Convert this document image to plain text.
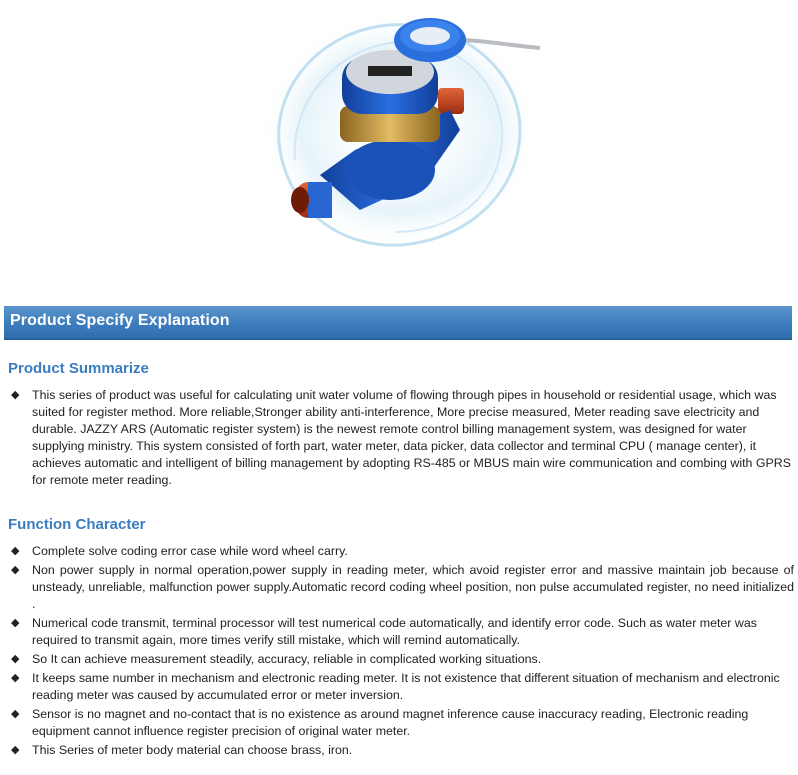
Product Specify Explanation
Product Summarize
◆ This series of product was useful for calculating unit water volume of flowing through pipes in household or residential usage, which was suited for register method. More reliable,Stronger ability anti-interference, More precise measured, Meter reading save electricity and durable. JAZZY ARS (Automatic register system) is the newest remote control billing management system, was designed for water supplying ministry. This system consisted of forth part, water meter, data picker, data collector and terminal CPU ( manage center), it achieves automatic and intelligent of billing management by adopting RS-485 or MBUS main wire communication and combing with GPRS for remote meter reading.
Function Character
◆ Complete solve coding error case while word wheel carry.
◆ Non power supply in normal operation,power supply in reading meter, which avoid register error and massive maintain job because of unsteady, unreliable, malfunction power supply.Automatic record coding wheel position, non pulse accumulated register, no need initialized .
◆ Numerical code transmit, terminal processor will test numerical code automatically, and identify error code. Such as water meter was required to transmit again, more times verify still mistake, which will remind automatically.
◆ So It can achieve measurement steadily, accuracy, reliable in complicated working situations.
◆ It keeps same number in mechanism and electronic reading meter. It is not existence that different situation of mechanism and electronic reading meter was caused by accumulated error or meter inversion.
◆ Sensor is no magnet and no-contact that is no existence as around magnet inference cause inaccuracy reading, Electronic reading equipment cannot influence register precision of original water meter.
◆ This Series of meter body material can choose brass, iron.
